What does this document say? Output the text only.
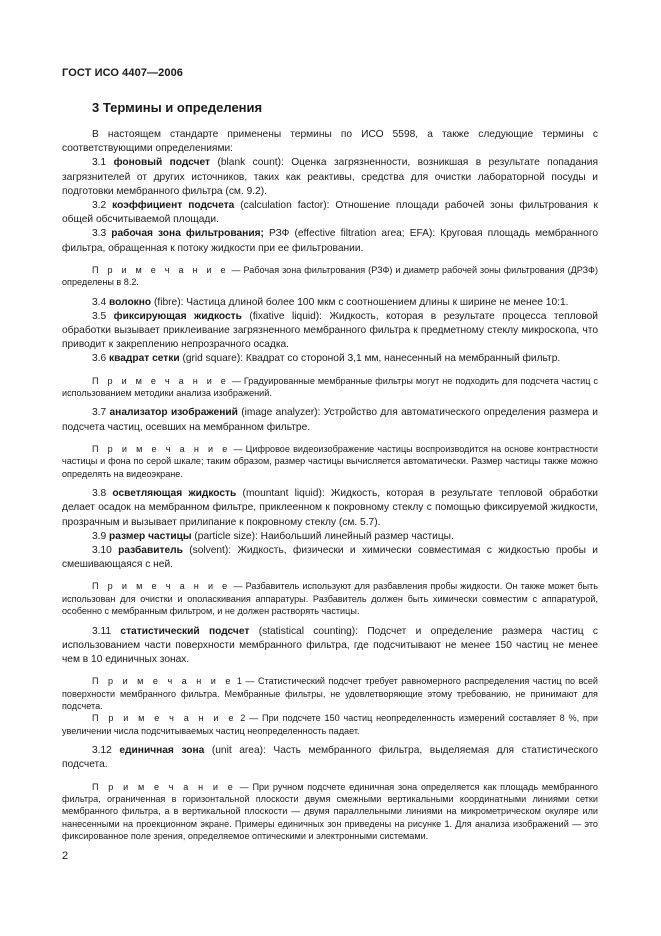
ГОСТ ИСО 4407—2006
3 Термины и определения

В настоящем стандарте применены термины по ИСО 5598, а также следующие термины с соответствующими определениями:

3.1 фоновый подсчет (blank count): Оценка загрязненности, возникшая в результате попадания загрязнителей от других источников, таких как реактивы, средства для очистки лабораторной посуды и подготовки мембранного фильтра (см. 9.2).

3.2 коэффициент подсчета (calculation factor): Отношение площади рабочей зоны фильтрования к общей обсчитываемой площади.

3.3 рабочая зона фильтрования; РЗФ (effective filtration area; EFA): Круговая площадь мембранного фильтра, обращенная к потоку жидкости при ее фильтровании.

П р и м е ч а н и е — Рабочая зона фильтрования (РЗФ) и диаметр рабочей зоны фильтрования (ДРЗФ) определены в 8.2.

3.4 волокно (fibre): Частица длиной более 100 мкм с соотношением длины к ширине не менее 10:1.

3.5 фиксирующая жидкость (fixative liquid): Жидкость, которая в результате процесса тепловой обработки вызывает приклеивание загрязненного мембранного фильтра к предметному стеклу микроскопа, что приводит к закреплению непрозрачного осадка.

3.6 квадрат сетки (grid square): Квадрат со стороной 3,1 мм, нанесенный на мембранный фильтр.

П р и м е ч а н и е — Градуированные мембранные фильтры могут не подходить для подсчета частиц с использованием методики анализа изображений.

3.7 анализатор изображений (image analyzer): Устройство для автоматического определения размера и подсчета частиц, осевших на мембранном фильтре.

П р и м е ч а н и е — Цифровое видеоизображение частицы воспроизводится на основе контрастности частицы и фона по серой шкале; таким образом, размер частицы вычисляется автоматически. Размер частицы также можно определять на видеоэкране.

3.8 осветляющая жидкость (mountant liquid): Жидкость, которая в результате тепловой обработки делает осадок на мембранном фильтре, приклеенном к покровному стеклу с помощью фиксируемой жидкости, прозрачным и вызывает прилипание к покровному стеклу (см. 5.7).

3.9 размер частицы (particle size): Наибольший линейный размер частицы.

3.10 разбавитель (solvent): Жидкость, физически и химически совместимая с жидкостью пробы и смешивающаяся с ней.

П р и м е ч а н и е — Разбавитель используют для разбавления пробы жидкости. Он также может быть использован для очистки и ополаскивания аппаратуры. Разбавитель должен быть химически совместим с аппаратурой, особенно с мембранным фильтром, и не должен растворять частицы.

3.11 статистический подсчет (statistical counting): Подсчет и определение размера частиц с использованием части поверхности мембранного фильтра, где подсчитывают не менее 150 частиц не менее чем в 10 единичных зонах.

П р и м е ч а н и е 1 — Статистический подсчет требует равномерного распределения частиц по всей поверхности мембранного фильтра. Мембранные фильтры, не удовлетворяющие этому требованию, не принимают для подсчета.

П р и м е ч а н и е 2 — При подсчете 150 частиц неопределенность измерений составляет 8 %, при увеличении числа подсчитываемых частиц неопределенность падает.

3.12 единичная зона (unit area): Часть мембранного фильтра, выделяемая для статистического подсчета.

П р и м е ч а н и е — При ручном подсчете единичная зона определяется как площадь мембранного фильтра, ограниченная в горизонтальной плоскости двумя смежными вертикальными координатными линиями сетки мембранного фильтра, а в вертикальной плоскости — двумя параллельными линиями на микрометрическом окуляре или нанесенными на проекционном экране. Примеры единичных зон приведены на рисунке 1. Для анализа изображений — это фиксированное поле зрения, определяемое оптическими и электронными системами.

2
